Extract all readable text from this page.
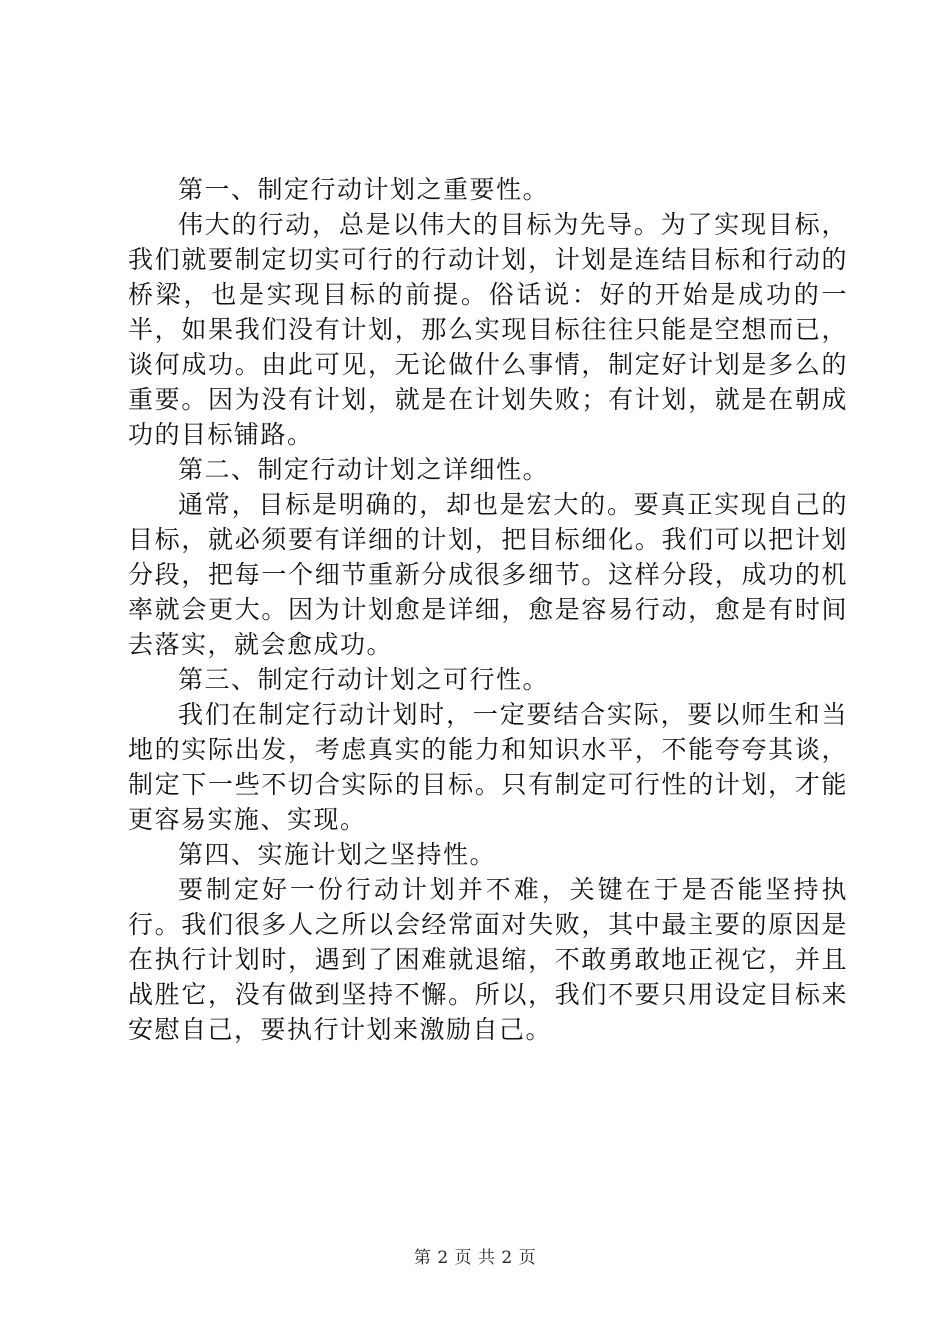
第一、制定行动计划之重要性。

伟大的行动，总是以伟大的目标为先导。为了实现目标，我们就要制定切实可行的行动计划，计划是连结目标和行动的桥梁，也是实现目标的前提。俗话说：好的开始是成功的一半，如果我们没有计划，那么实现目标往往只能是空想而已，谈何成功。由此可见，无论做什么事情，制定好计划是多么的重要。因为没有计划，就是在计划失败；有计划，就是在朝成功的目标铺路。

第二、制定行动计划之详细性。

通常，目标是明确的，却也是宏大的。要真正实现自己的目标，就必须要有详细的计划，把目标细化。我们可以把计划分段，把每一个细节重新分成很多细节。这样分段，成功的机率就会更大。因为计划愈是详细，愈是容易行动，愈是有时间去落实，就会愈成功。

第三、制定行动计划之可行性。

我们在制定行动计划时，一定要结合实际，要以师生和当地的实际出发，考虑真实的能力和知识水平，不能夸夸其谈，制定下一些不切合实际的目标。只有制定可行性的计划，才能更容易实施、实现。

第四、实施计划之坚持性。

要制定好一份行动计划并不难，关键在于是否能坚持执行。我们很多人之所以会经常面对失败，其中最主要的原因是在执行计划时，遇到了困难就退缩，不敢勇敢地正视它，并且战胜它，没有做到坚持不懈。所以，我们不要只用设定目标来安慰自己，要执行计划来激励自己。

第 2 页 共 2 页
